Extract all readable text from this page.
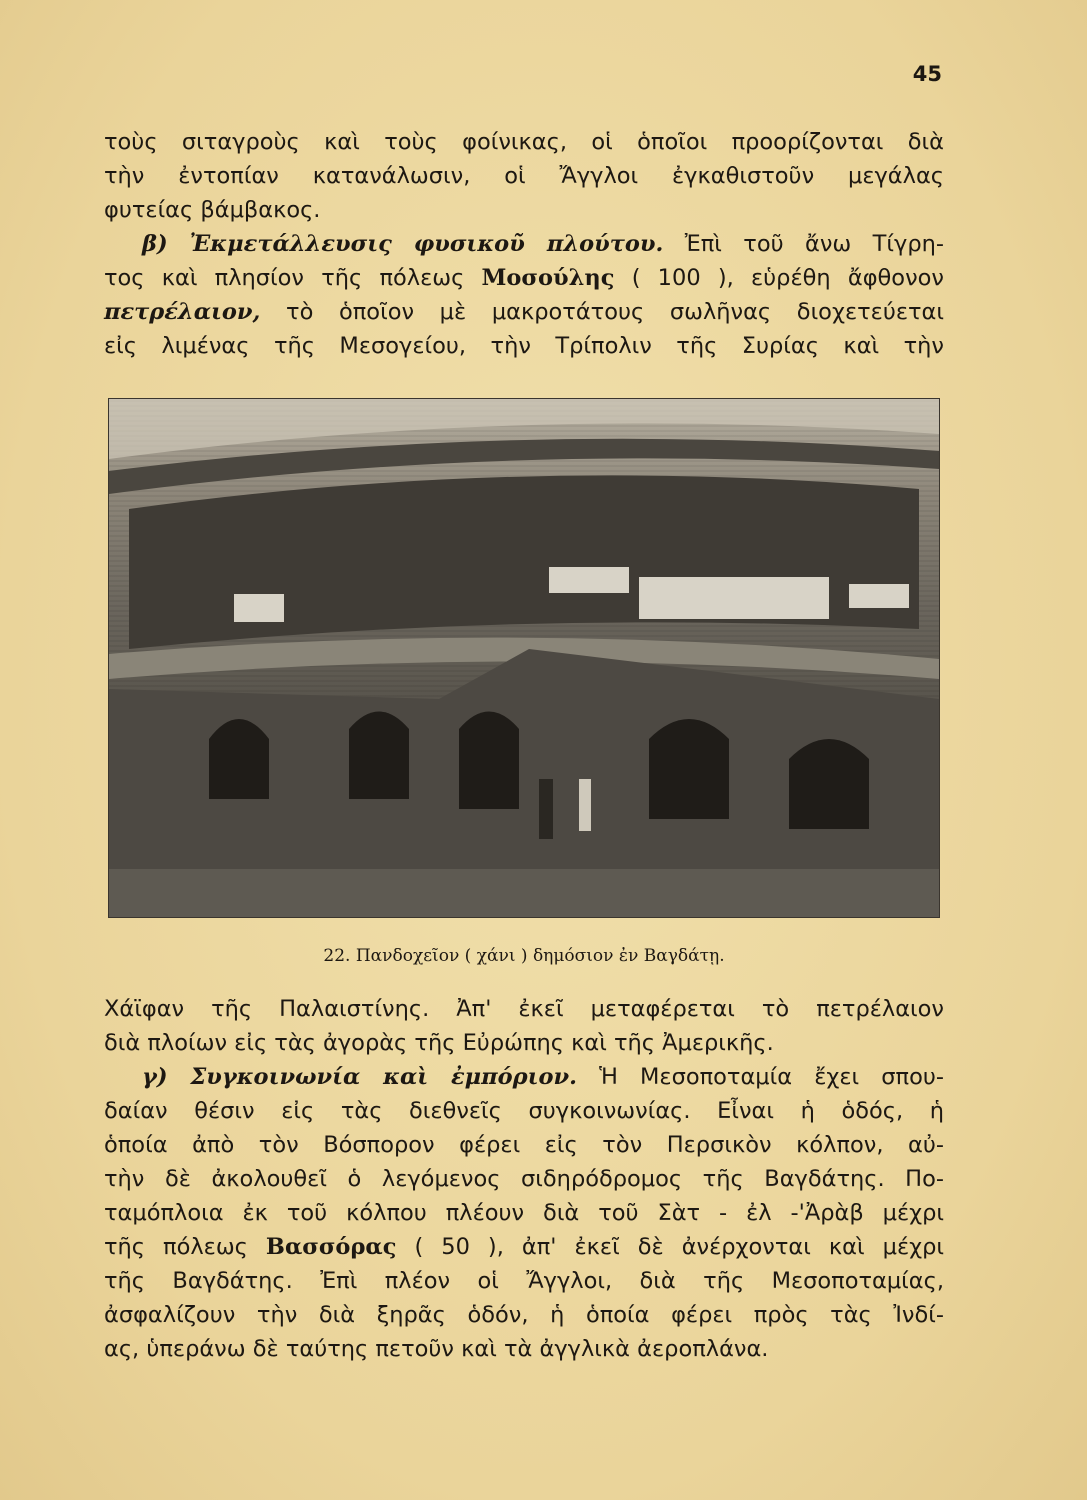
45
τοὺς σιταγροὺς καὶ τοὺς φοίνικας, οἱ ὁποῖοι προορίζονται διὰ
τὴν ἐντοπίαν κατανάλωσιν, οἱ Ἄγγλοι ἐγκαθιστοῦν μεγάλας
φυτείας βάμβακος.
β) Ἐκμετάλλευσις φυσικοῦ πλούτου. Ἐπὶ τοῦ ἄνω Τίγρη-
τος καὶ πλησίον τῆς πόλεως Μοσούλης ( 100 ), εὑρέθη ἄφθονον
πετρέλαιον, τὸ ὁποῖον μὲ μακροτάτους σωλῆνας διοχετεύεται
εἰς λιμένας τῆς Μεσογείου, τὴν Τρίπολιν τῆς Συρίας καὶ τὴν
22. Πανδοχεῖον ( χάνι ) δημόσιον ἐν Βαγδάτῃ.
Χάϊφαν τῆς Παλαιστίνης. Ἀπ' ἐκεῖ μεταφέρεται τὸ πετρέλαιον
διὰ πλοίων εἰς τὰς ἀγορὰς τῆς Εὐρώπης καὶ τῆς Ἀμερικῆς.
γ) Συγκοινωνία καὶ ἐμπόριον. Ἡ Μεσοποταμία ἔχει σπου-
δαίαν θέσιν εἰς τὰς διεθνεῖς συγκοινωνίας. Εἶναι ἡ ὁδός, ἡ
ὁποία ἀπὸ τὸν Βόσπορον φέρει εἰς τὸν Περσικὸν κόλπον, αὐ-
τὴν δὲ ἀκολουθεῖ ὁ λεγόμενος σιδηρόδρομος τῆς Βαγδάτης. Πο-
ταμόπλοια ἐκ τοῦ κόλπου πλέουν διὰ τοῦ Σὰτ - ἐλ -'Ἀρὰβ μέχρι
τῆς πόλεως Βασσόρας ( 50 ), ἀπ' ἐκεῖ δὲ ἀνέρχονται καὶ μέχρι
τῆς Βαγδάτης. Ἐπὶ πλέον οἱ Ἄγγλοι, διὰ τῆς Μεσοποταμίας,
ἀσφαλίζουν τὴν διὰ ξηρᾶς ὁδόν, ἡ ὁποία φέρει πρὸς τὰς Ἰνδί-
ας, ὑπεράνω δὲ ταύτης πετοῦν καὶ τὰ ἀγγλικὰ ἀεροπλάνα.
